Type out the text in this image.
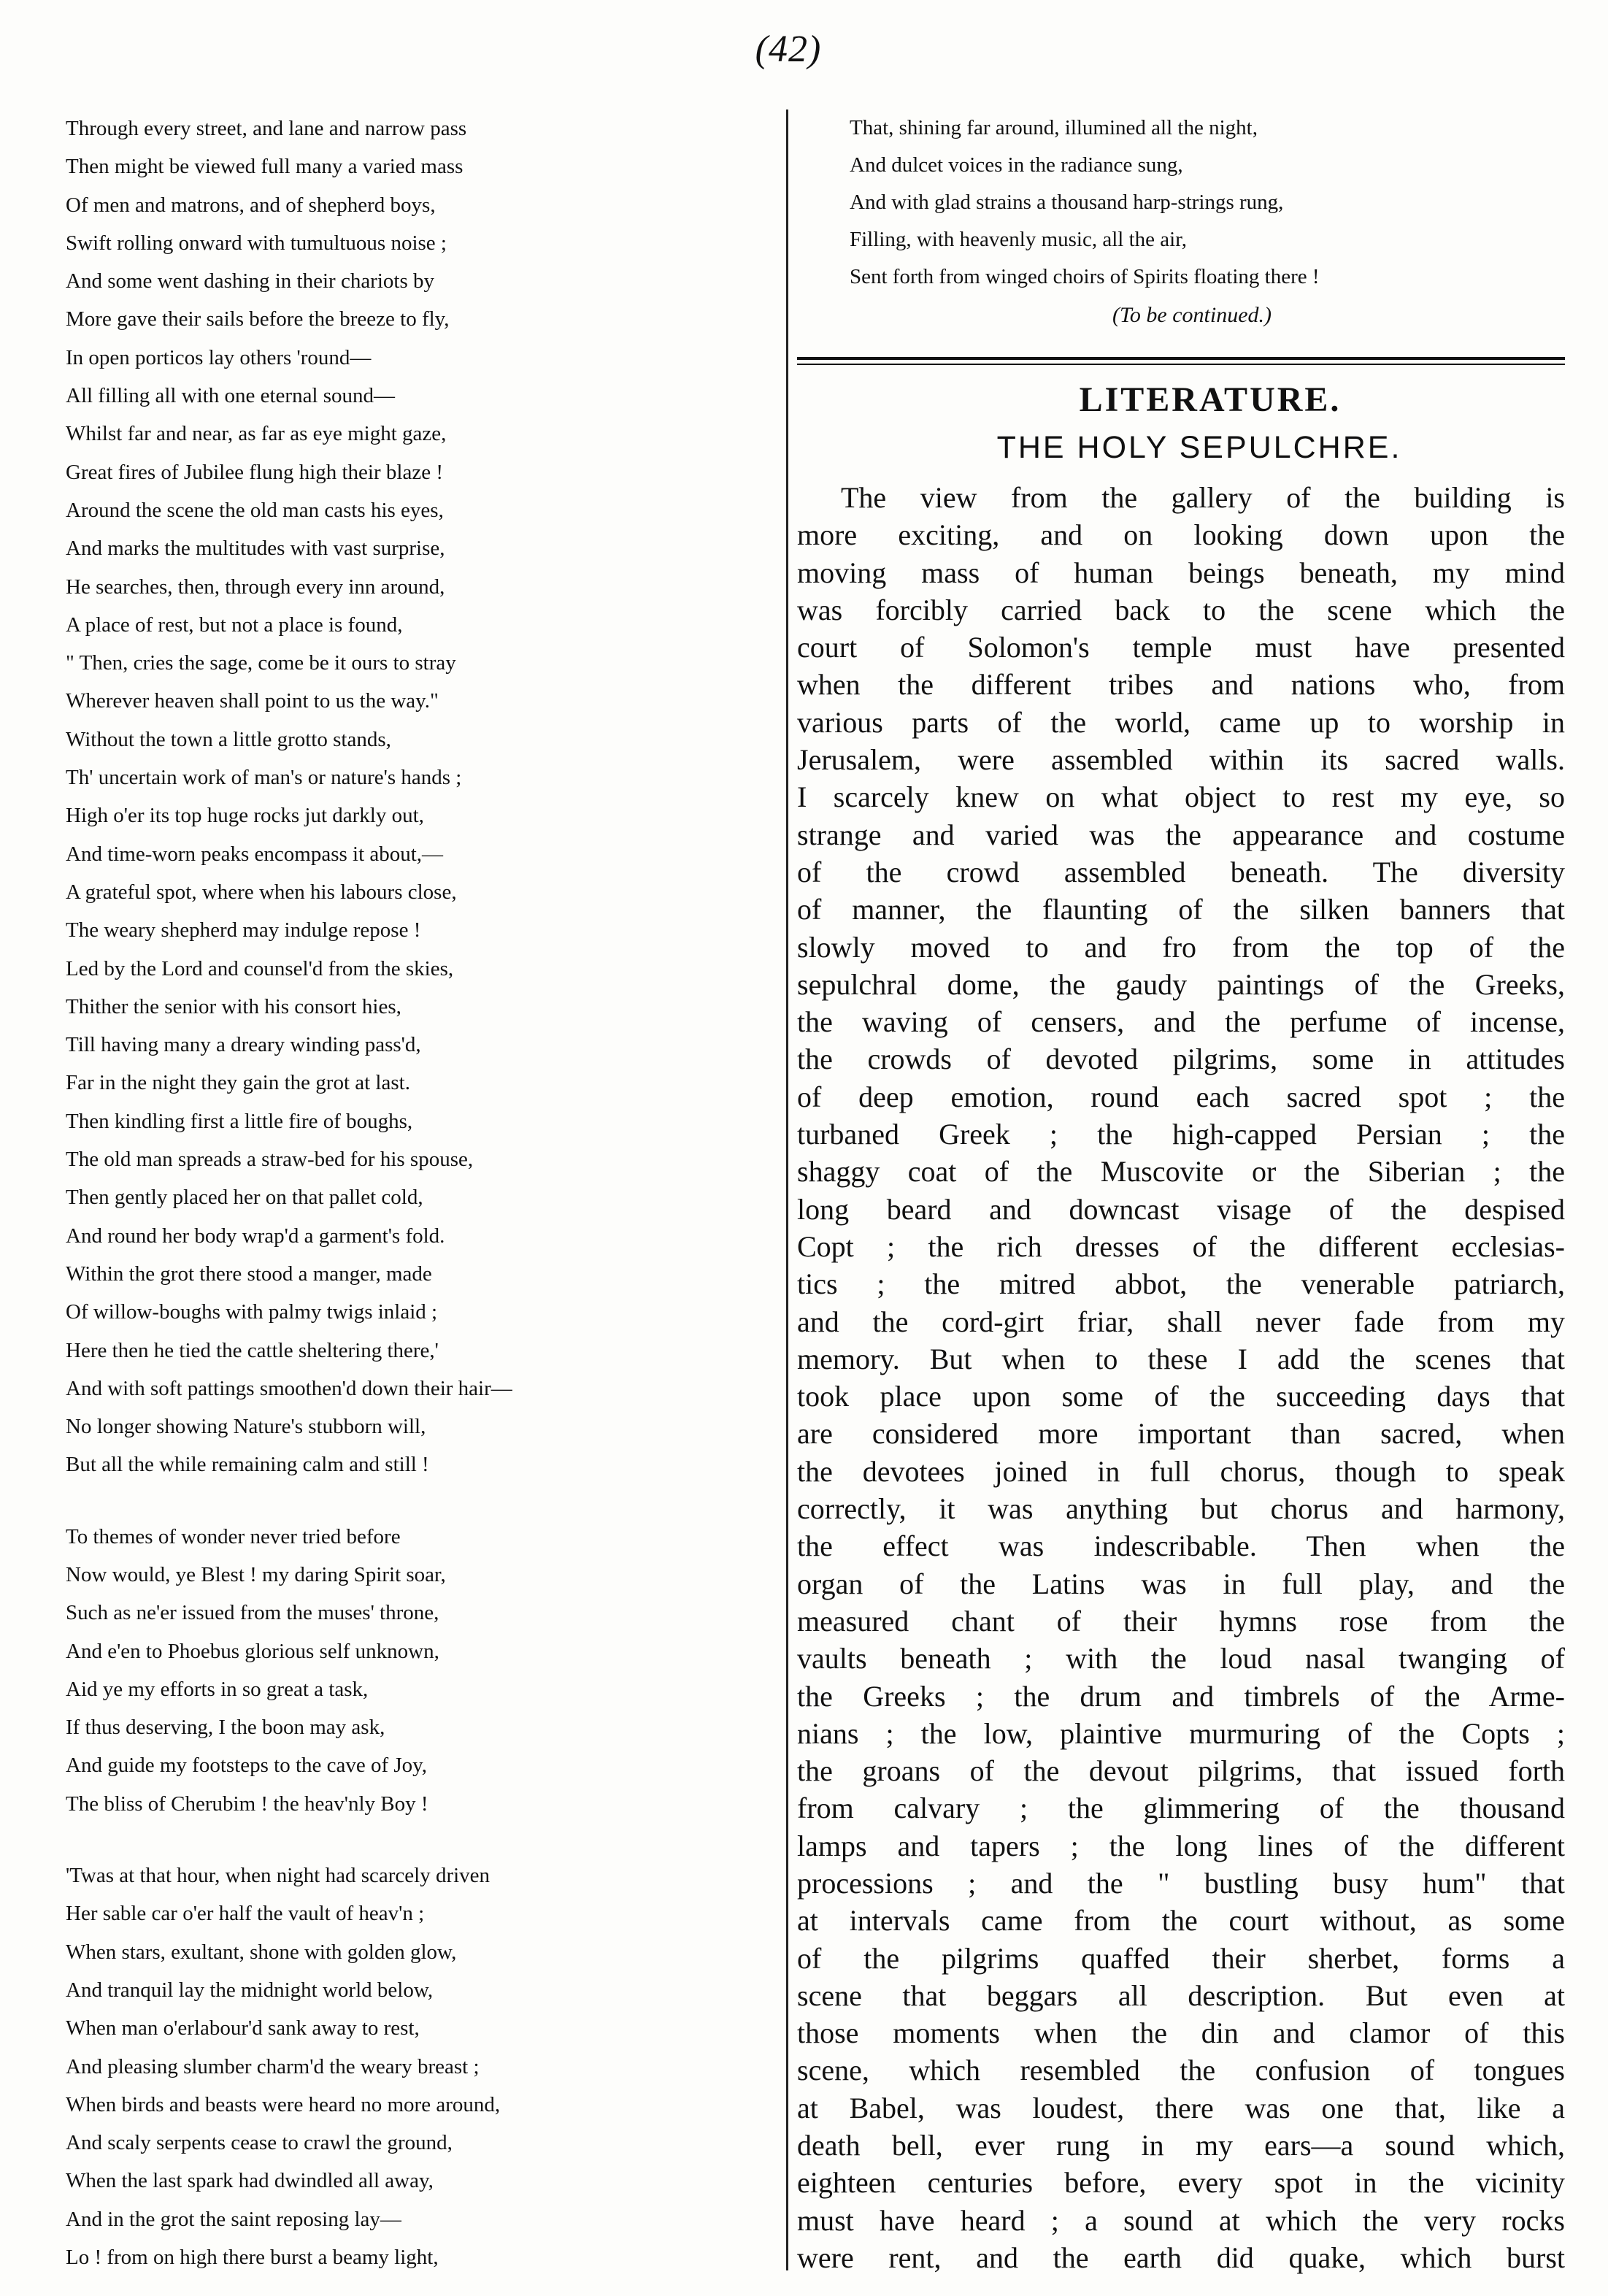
(42)
Through every street, and lane and narrow pass
Then might be viewed full many a varied mass
Of men and matrons, and of shepherd boys,
Swift rolling onward with tumultuous noise ;
And some went dashing in their chariots by
More gave their sails before the breeze to fly,
In open porticos lay others 'round—
All filling all with one eternal sound—
Whilst far and near, as far as eye might gaze,
Great fires of Jubilee flung high their blaze !
Around the scene the old man casts his eyes,
And marks the multitudes with vast surprise,
He searches, then, through every inn around,
A place of rest, but not a place is found,
" Then, cries the sage, come be it ours to stray
Wherever heaven shall point to us the way."
Without the town a little grotto stands,
Th' uncertain work of man's or nature's hands ;
High o'er its top huge rocks jut darkly out,
And time-worn peaks encompass it about,—
A grateful spot, where when his labours close,
The weary shepherd may indulge repose !
Led by the Lord and counsel'd from the skies,
Thither the senior with his consort hies,
Till having many a dreary winding pass'd,
Far in the night they gain the grot at last.
Then kindling first a little fire of boughs,
The old man spreads a straw-bed for his spouse,
Then gently placed her on that pallet cold,
And round her body wrap'd a garment's fold.
Within the grot there stood a manger, made
Of willow-boughs with palmy twigs inlaid ;
Here then he tied the cattle sheltering there,'
And with soft pattings smoothen'd down their hair—
No longer showing Nature's stubborn will,
But all the while remaining calm and still !
To themes of wonder never tried before
Now would, ye Blest ! my daring Spirit soar,
Such as ne'er issued from the muses' throne,
And e'en to Phoebus glorious self unknown,
Aid ye my efforts in so great a task,
If thus deserving, I the boon may ask,
And guide my footsteps to the cave of Joy,
The bliss of Cherubim ! the heav'nly Boy !
'Twas at that hour, when night had scarcely driven
Her sable car o'er half the vault of heav'n ;
When stars, exultant, shone with golden glow,
And tranquil lay the midnight world below,
When man o'erlabour'd sank away to rest,
And pleasing slumber charm'd the weary breast ;
When birds and beasts were heard no more around,
And scaly serpents cease to crawl the ground,
When the last spark had dwindled all away,
And in the grot the saint reposing lay—
Lo ! from on high there burst a beamy light,
That, shining far around, illumined all the night,
And dulcet voices in the radiance sung,
And with glad strains a thousand harp-strings rung,
Filling, with heavenly music, all the air,
Sent forth from winged choirs of Spirits floating there !
(To be continued.)
LITERATURE.
THE HOLY SEPULCHRE.
The view from the gallery of the building is
more exciting, and on looking down upon the
moving mass of human beings beneath, my mind
was forcibly carried back to the scene which the
court of Solomon's temple must have presented
when the different tribes and nations who, from
various parts of the world, came up to worship in
Jerusalem, were assembled within its sacred walls.
I scarcely knew on what object to rest my eye, so
strange and varied was the appearance and costume
of the crowd assembled beneath. The diversity
of manner, the flaunting of the silken banners that
slowly moved to and fro from the top of the
sepulchral dome, the gaudy paintings of the Greeks,
the waving of censers, and the perfume of incense,
the crowds of devoted pilgrims, some in attitudes
of deep emotion, round each sacred spot ; the
turbaned Greek ; the high-capped Persian ; the
shaggy coat of the Muscovite or the Siberian ; the
long beard and downcast visage of the despised
Copt ; the rich dresses of the different ecclesias-
tics ; the mitred abbot, the venerable patriarch,
and the cord-girt friar, shall never fade from my
memory. But when to these I add the scenes that
took place upon some of the succeeding days that
are considered more important than sacred, when
the devotees joined in full chorus, though to speak
correctly, it was anything but chorus and harmony,
the effect was indescribable. Then when the
organ of the Latins was in full play, and the
measured chant of their hymns rose from the
vaults beneath ; with the loud nasal twanging of
the Greeks ; the drum and timbrels of the Arme-
nians ; the low, plaintive murmuring of the Copts ;
the groans of the devout pilgrims, that issued forth
from calvary ; the glimmering of the thousand
lamps and tapers ; the long lines of the different
processions ; and the " bustling busy hum" that
at intervals came from the court without, as some
of the pilgrims quaffed their sherbet, forms a
scene that beggars all description. But even at
those moments when the din and clamor of this
scene, which resembled the confusion of tongues
at Babel, was loudest, there was one that, like a
death bell, ever rung in my ears—a sound which,
eighteen centuries before, every spot in the vicinity
must have heard ; a sound at which the very rocks
were rent, and the earth did quake, which burst
